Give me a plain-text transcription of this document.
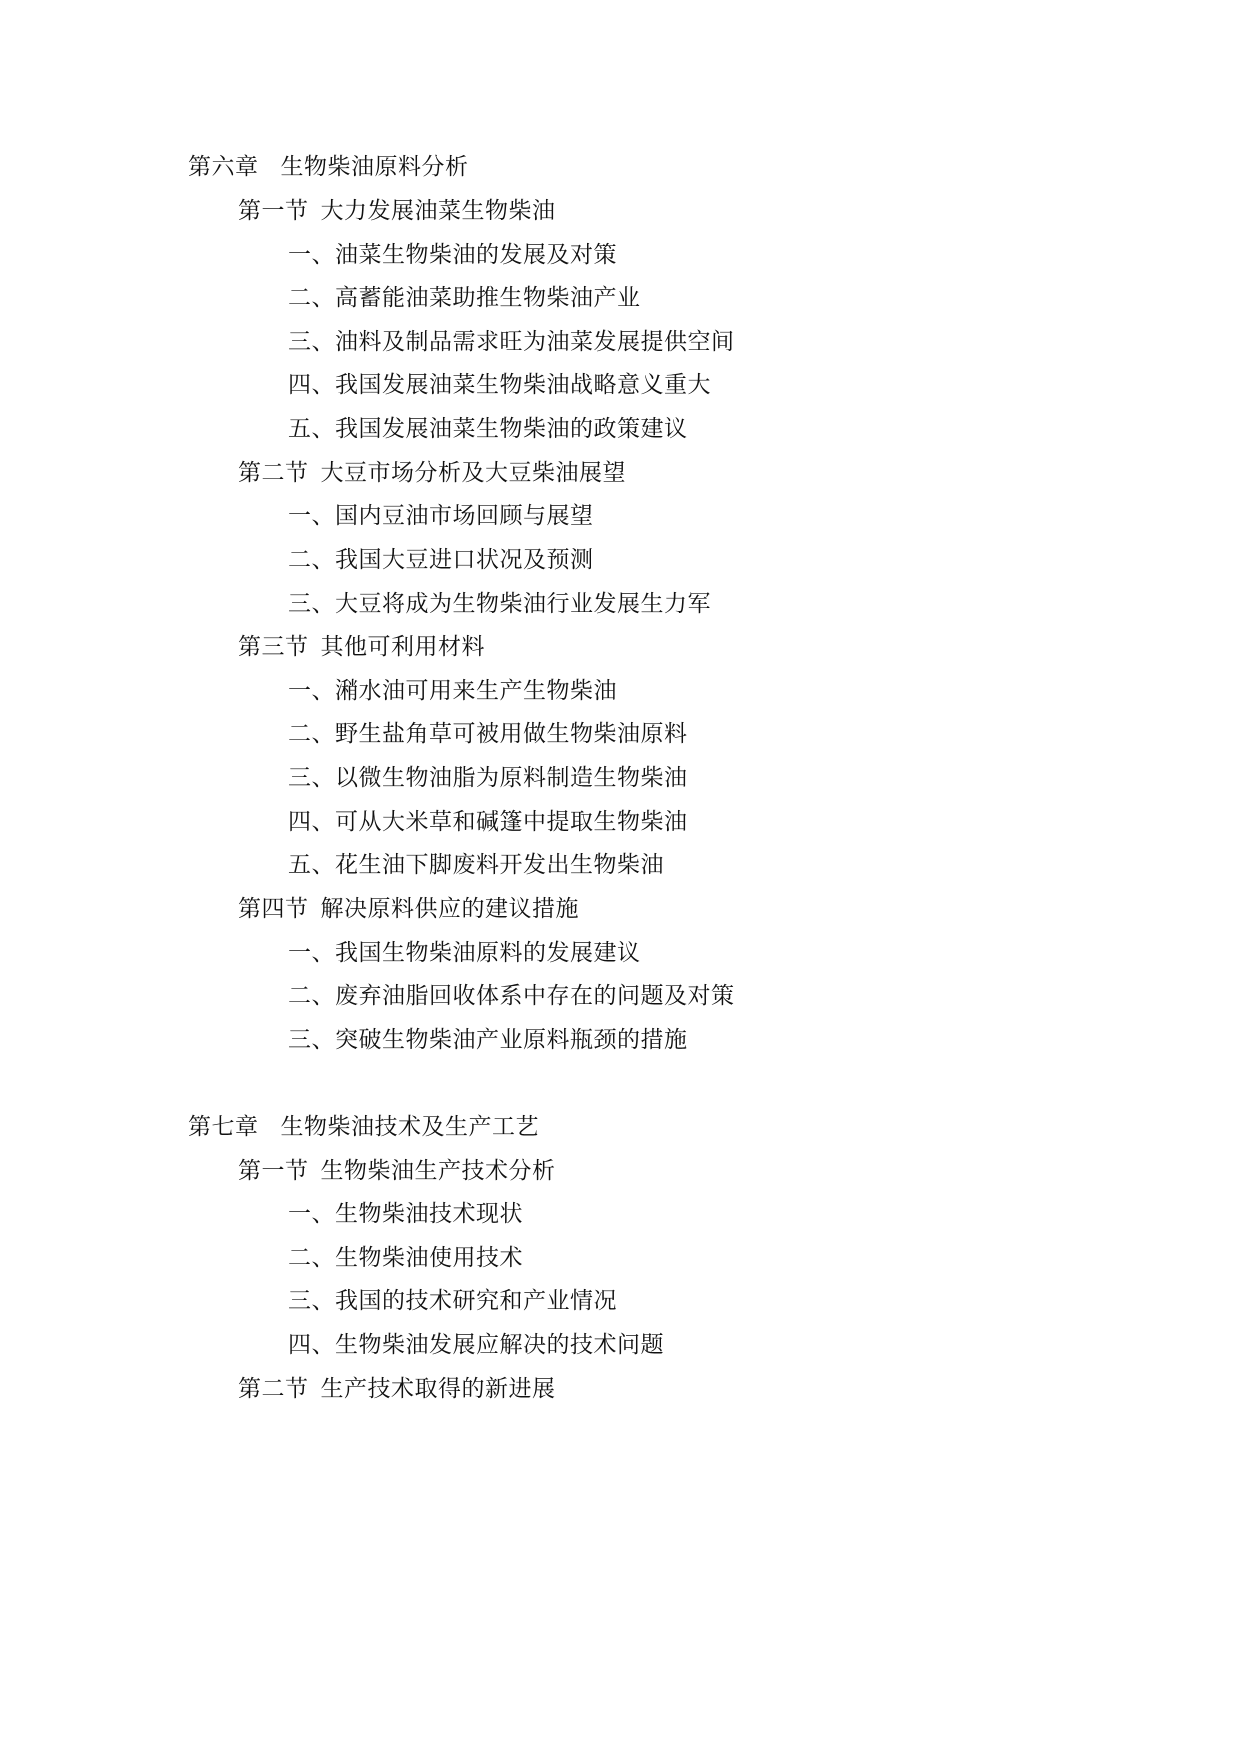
第六章 生物柴油原料分析
第一节 大力发展油菜生物柴油
一、油菜生物柴油的发展及对策
二、高蓄能油菜助推生物柴油产业
三、油料及制品需求旺为油菜发展提供空间
四、我国发展油菜生物柴油战略意义重大
五、我国发展油菜生物柴油的政策建议
第二节 大豆市场分析及大豆柴油展望
一、国内豆油市场回顾与展望
二、我国大豆进口状况及预测
三、大豆将成为生物柴油行业发展生力军
第三节 其他可利用材料
一、潲水油可用来生产生物柴油
二、野生盐角草可被用做生物柴油原料
三、以微生物油脂为原料制造生物柴油
四、可从大米草和碱篷中提取生物柴油
五、花生油下脚废料开发出生物柴油
第四节 解决原料供应的建议措施
一、我国生物柴油原料的发展建议
二、废弃油脂回收体系中存在的问题及对策
三、突破生物柴油产业原料瓶颈的措施
第七章 生物柴油技术及生产工艺
第一节 生物柴油生产技术分析
一、生物柴油技术现状
二、生物柴油使用技术
三、我国的技术研究和产业情况
四、生物柴油发展应解决的技术问题
第二节 生产技术取得的新进展
